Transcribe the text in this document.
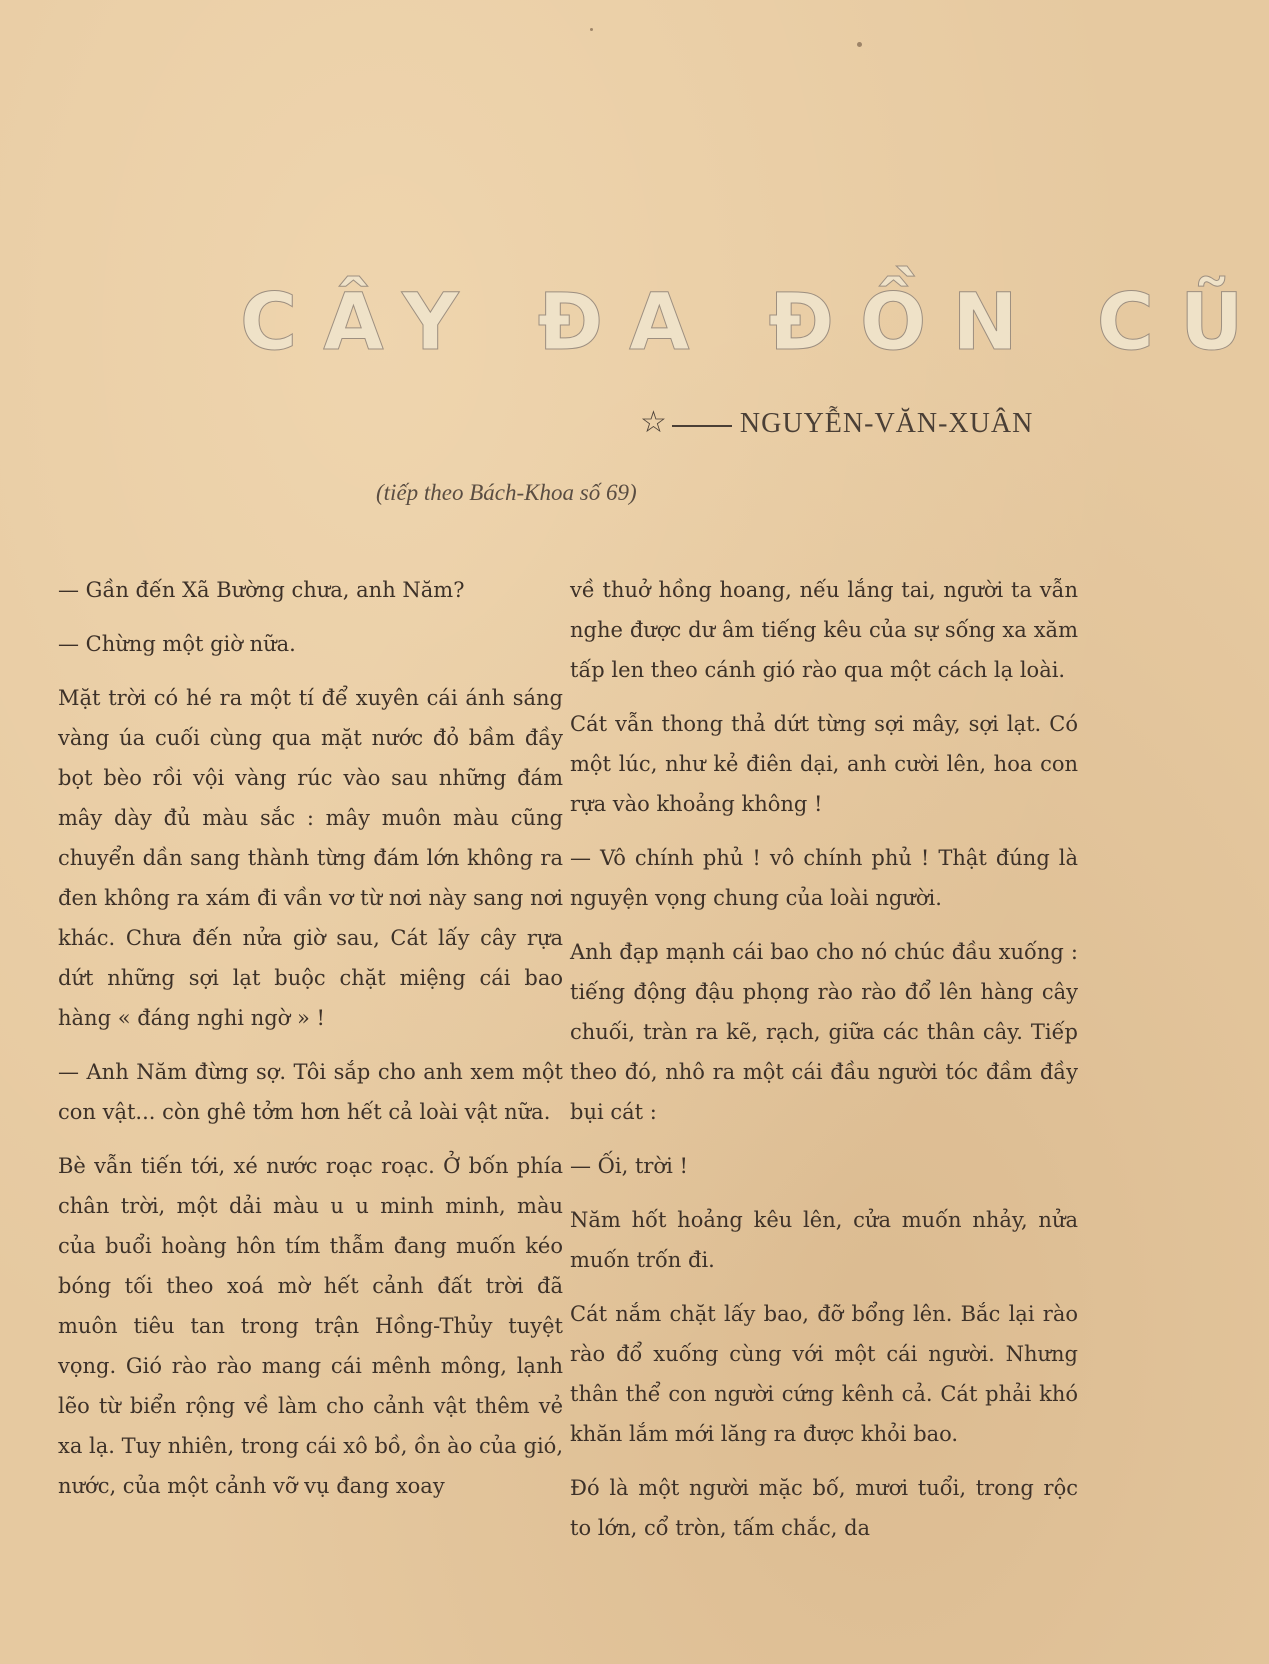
CÂY ĐA ĐỒN CŨ
☆	NGUYỄN-VĂN-XUÂN
(tiếp theo Bách-Khoa số 69)

— Gần đến Xã Bường chưa, anh Năm?

— Chừng một giờ nữa.

Mặt trời có hé ra một tí để xuyên cái ánh sáng vàng úa cuối cùng qua mặt nước đỏ bầm đầy bọt bèo rồi vội vàng rúc vào sau những đám mây dày đủ màu sắc : mây muôn màu cũng chuyển dần sang thành từng đám lớn không ra đen không ra xám đi vần vơ từ nơi này sang nơi khác. Chưa đến nửa giờ sau, Cát lấy cây rựa dứt những sợi lạt buộc chặt miệng cái bao hàng « đáng nghi ngờ » !

— Anh Năm đừng sợ. Tôi sắp cho anh xem một con vật... còn ghê tởm hơn hết cả loài vật nữa.

Bè vẫn tiến tới, xé nước roạc roạc. Ở bốn phía chân trời, một dải màu u u minh minh, màu của buổi hoàng hôn tím thẫm đang muốn kéo bóng tối theo xoá mờ hết cảnh đất trời đã muôn tiêu tan trong trận Hồng-Thủy tuyệt vọng. Gió rào rào mang cái mênh mông, lạnh lẽo từ biển rộng về làm cho cảnh vật thêm vẻ xa lạ. Tuy nhiên, trong cái xô bồ, ồn ào của gió, nước, của một cảnh vỡ vụ đang xoay

về thuở hồng hoang, nếu lắng tai, người ta vẫn nghe được dư âm tiếng kêu của sự sống xa xăm tấp len theo cánh gió rào qua một cách lạ loài.

Cát vẫn thong thả dứt từng sợi mây, sợi lạt. Có một lúc, như kẻ điên dại, anh cười lên, hoa con rựa vào khoảng không !

— Vô chính phủ ! vô chính phủ ! Thật đúng là nguyện vọng chung của loài người.

Anh đạp mạnh cái bao cho nó chúc đầu xuống : tiếng động đậu phọng rào rào đổ lên hàng cây chuối, tràn ra kẽ, rạch, giữa các thân cây. Tiếp theo đó, nhô ra một cái đầu người tóc đầm đầy bụi cát :

— Ối, trời !

Năm hốt hoảng kêu lên, cửa muốn nhảy, nửa muốn trốn đi.

Cát nắm chặt lấy bao, đỡ bổng lên. Bắc lại rào rào đổ xuống cùng với một cái người. Nhưng thân thể con người cứng kênh cả. Cát phải khó khăn lắm mới lăng ra được khỏi bao.

Đó là một người mặc bố, mươi tuổi, trong rộc to lớn, cổ tròn, tấm chắc, da
